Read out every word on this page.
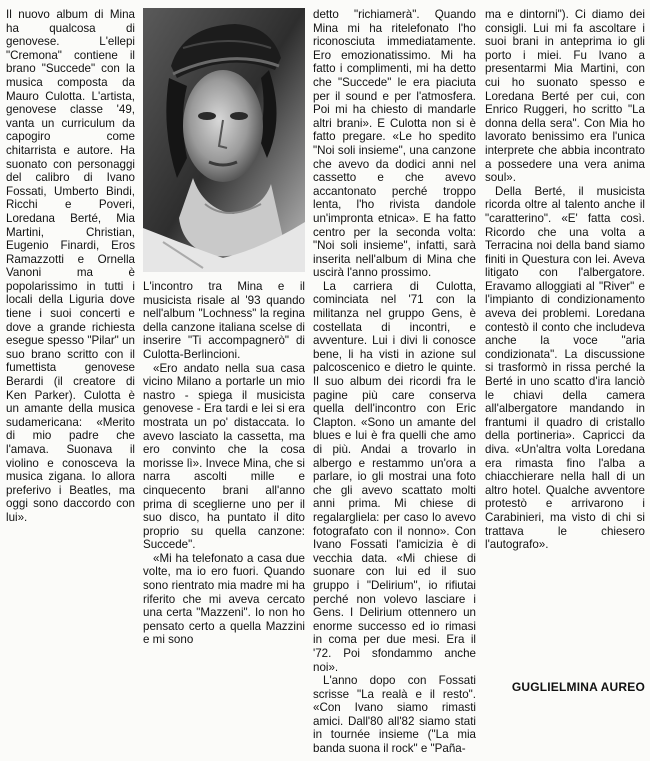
Il nuovo album di Mina ha qualcosa di genovese. L'ellepi "Cremona" contiene il brano "Succede" con la musica composta da Mauro Culotta. L'artista, genovese classe '49, vanta un curriculum da capogiro come chitarrista e autore. Ha suonato con personaggi del calibro di Ivano Fossati, Umberto Bindi, Ricchi e Poveri, Loredana Berté, Mia Martini, Christian, Eugenio Finardi, Eros Ramazzotti e Ornella Vanoni ma è popolarissimo in tutti i locali della Liguria dove tiene i suoi concerti e dove a grande richiesta esegue spesso "Pilar" un suo brano scritto con il fumettista genovese Berardi (il creatore di Ken Parker). Culotta è un amante della musica sudamericana: «Merito di mio padre che l'amava. Suonava il violino e conosceva la musica zigana. Io allora preferivo i Beatles, ma oggi sono daccordo con lui».

L'incontro tra Mina e il musicista risale al '93 quando nell'album "Lochness" la regina della canzone italiana scelse di inserire "Ti accompagnerò" di Culotta-Berlincioni.

«Ero andato nella sua casa vicino Milano a portarle un mio nastro - spiega il musicista genovese - Era tardi e lei si era mostrata un po' distaccata. Io avevo lasciato la cassetta, ma ero convinto che la cosa morisse lì». Invece Mina, che si narra ascolti mille e cinquecento brani all'anno prima di sceglierne uno per il suo disco, ha puntato il dito proprio su quella canzone: Succede".

«Mi ha telefonato a casa due volte, ma io ero fuori. Quando sono rientrato mia madre mi ha riferito che mi aveva cercato una certa "Mazzeni". Io non ho pensato certo a quella Mazzini e mi sono

detto "richiamerà". Quando Mina mi ha ritelefonato l'ho riconosciuta immediatamente. Ero emozionatissimo. Mi ha fatto i complimenti, mi ha detto che "Succede" le era piaciuta per il sound e per l'atmosfera. Poi mi ha chiesto di mandarle altri brani». E Culotta non si è fatto pregare. «Le ho spedito "Noi soli insieme", una canzone che avevo da dodici anni nel cassetto e che avevo accantonato perché troppo lenta, l'ho rivista dandole un'impronta etnica». E ha fatto centro per la seconda volta: "Noi soli insieme", infatti, sarà inserita nell'album di Mina che uscirà l'anno prossimo.

La carriera di Culotta, cominciata nel '71 con la militanza nel gruppo Gens, è costellata di incontri, e avventure. Lui i divi li conosce bene, li ha visti in azione sul palcoscenico e dietro le quinte. Il suo album dei ricordi fra le pagine più care conserva quella dell'incontro con Eric Clapton. «Sono un amante del blues e lui è fra quelli che amo di più. Andai a trovarlo in albergo e restammo un'ora a parlare, io gli mostrai una foto che gli avevo scattato molti anni prima. Mi chiese di regalargliela: per caso lo avevo fotografato con il nonno». Con Ivano Fossati l'amicizia è di vecchia data. «Mi chiese di suonare con lui ed il suo gruppo i "Delirium", io rifiutai perché non volevo lasciare i Gens. I Delirium ottennero un enorme successo ed io rimasi in coma per due mesi. Era il '72. Poi sfondammo anche noi».

L'anno dopo con Fossati scrisse "La realà e il resto". «Con Ivano siamo rimasti amici. Dall'80 all'82 siamo stati in tournée insieme ("La mia banda suona il rock" e "Paña-

ma e dintorni"). Ci diamo dei consigli. Lui mi fa ascoltare i suoi brani in anteprima io gli porto i miei. Fu Ivano a presentarmi Mia Martini, con cui ho suonato spesso e Loredana Berté per cui, con Enrico Ruggeri, ho scritto "La donna della sera". Con Mia ho lavorato benissimo era l'unica interprete che abbia incontrato a possedere una vera anima soul».

Della Berté, il musicista ricorda oltre al talento anche il "caratterino". «E' fatta così. Ricordo che una volta a Terracina noi della band siamo finiti in Questura con lei. Aveva litigato con l'albergatore. Eravamo alloggiati al "River" e l'impianto di condizionamento aveva dei problemi. Loredana contestò il conto che includeva anche la voce "aria condizionata". La discussione si trasformò in rissa perché la Berté in uno scatto d'ira lanciò le chiavi della camera all'albergatore mandando in frantumi il quadro di cristallo della portineria». Capricci da diva. «Un'altra volta Loredana era rimasta fino l'alba a chiacchierare nella hall di un altro hotel. Qualche avventore protestò e arrivarono i Carabinieri, ma visto di chi si trattava le chiesero l'autografo».

GUGLIELMINA AUREO
